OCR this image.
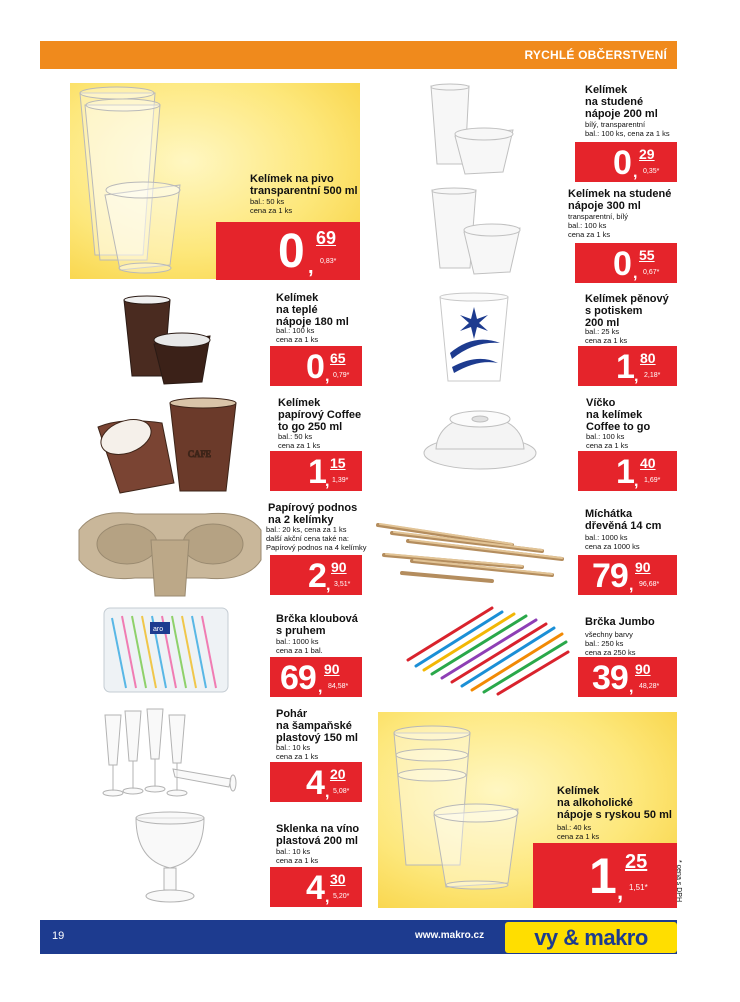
RYCHLÉ OBČERSTVENÍ
Kelímek na pivo
transparentní 500 ml
bal.: 50 ks
cena za 1 ks
0 ,
69
0,83*
Kelímek
na studené
nápoje 200 ml
bílý, transparentní
bal.: 100 ks, cena za 1 ks
0 ,
29
0,35*
Kelímek na studené
nápoje 300 ml
transparentní, bílý
bal.: 100 ks
cena za 1 ks
0 ,
55
0,67*
Kelímek
na teplé
nápoje 180 ml
bal.: 100 ks
cena za 1 ks
0 ,
65
0,79*
Kelímek pěnový
s potiskem
200 ml
bal.: 25 ks
cena za 1 ks
1 ,
80
2,18*
CAFE
Kelímek
papírový Coffee
to go 250 ml
bal.: 50 ks
cena za 1 ks
1 ,
15
1,39*
Víčko
na kelímek
Coffee to go
bal.: 100 ks
cena za 1 ks
1 ,
40
1,69*
Papírový podnos
na 2 kelímky
bal.: 20 ks, cena za 1 ks
další akční cena také na:
Papírový podnos na 4 kelímky
2 ,
90
3,51*
Míchátka
dřevěná 14 cm
bal.: 1000 ks
cena za 1000 ks
79 ,
90
96,68*
aro
Brčka kloubová
s pruhem
bal.: 1000 ks
cena za 1 bal.
69 ,
90
84,58*
Brčka Jumbo
všechny barvy
bal.: 250 ks
cena za 250 ks
39 ,
90
48,28*
Pohár
na šampaňské
plastový 150 ml
bal.: 10 ks
cena za 1 ks
4 ,
20
5,08*	Kelímek
na alkoholické
nápoje s ryskou 50 ml
bal.: 40 ks
cena za 1 ks
1 ,
25
1,51*
Sklenka na víno
plastová 200 ml
bal.: 10 ks
cena za 1 ks
4 ,
30
5,20*	* cena s DPH
19	www.makro.cz vy & makro
